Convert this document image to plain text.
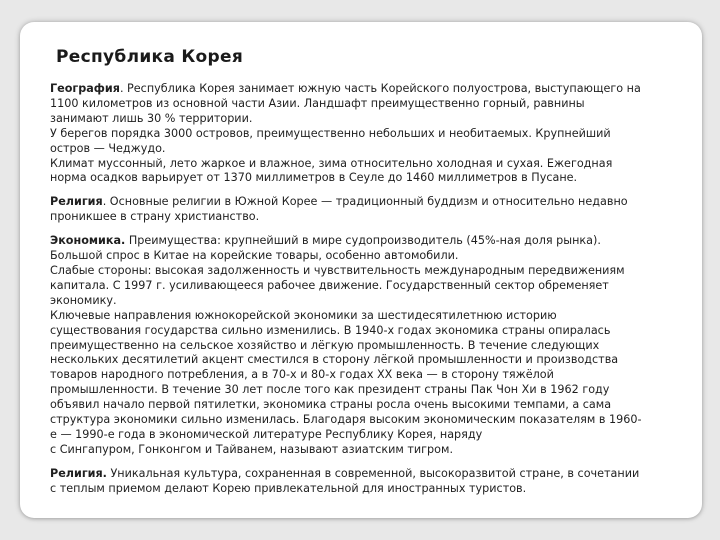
Республика Корея
География. Республика Корея занимает южную часть Корейского полуострова, выступающего на
1100 километров из основной части Азии. Ландшафт преимущественно горный, равнины
занимают лишь 30 % территории.
У берегов порядка 3000 островов, преимущественно небольших и необитаемых. Крупнейший
остров — Чеджудо.
Климат муссонный, лето жаркое и влажное, зима относительно холодная и сухая. Ежегодная
норма осадков варьирует от 1370 миллиметров в Сеуле до 1460 миллиметров в Пусане.
Религия. Основные религии в Южной Корее — традиционный буддизм и относительно недавно
проникшее в страну христианство.
Экономика. Преимущества: крупнейший в мире судопроизводитель (45%-ная доля рынка).
Большой спрос в Китае на корейские товары, особенно автомобили.
Слабые стороны: высокая задолженность и чувствительность международным передвижениям
капитала. С 1997 г. усиливающееся рабочее движение. Государственный сектор обременяет
экономику.
Ключевые направления южнокорейской экономики за шестидесятилетнюю историю
существования государства сильно изменились. В 1940-х годах экономика страны опиралась
преимущественно на сельское хозяйство и лёгкую промышленность. В течение следующих
нескольких десятилетий акцент сместился в сторону лёгкой промышленности и производства
товаров народного потребления, а в 70-х и 80-х годах XX века — в сторону тяжёлой
промышленности. В течение 30 лет после того как президент страны Пак Чон Хи в 1962 году
объявил начало первой пятилетки, экономика страны росла очень высокими темпами, а сама
структура экономики сильно изменилась. Благодаря высоким экономическим показателям в 1960-
е — 1990-е года в экономической литературе Республику Корея, наряду
с Сингапуром, Гонконгом и Тайванем, называют азиатским тигром.
Религия. Уникальная культура, сохраненная в современной, высокоразвитой стране, в сочетании
с теплым приемом делают Корею привлекательной для иностранных туристов.
